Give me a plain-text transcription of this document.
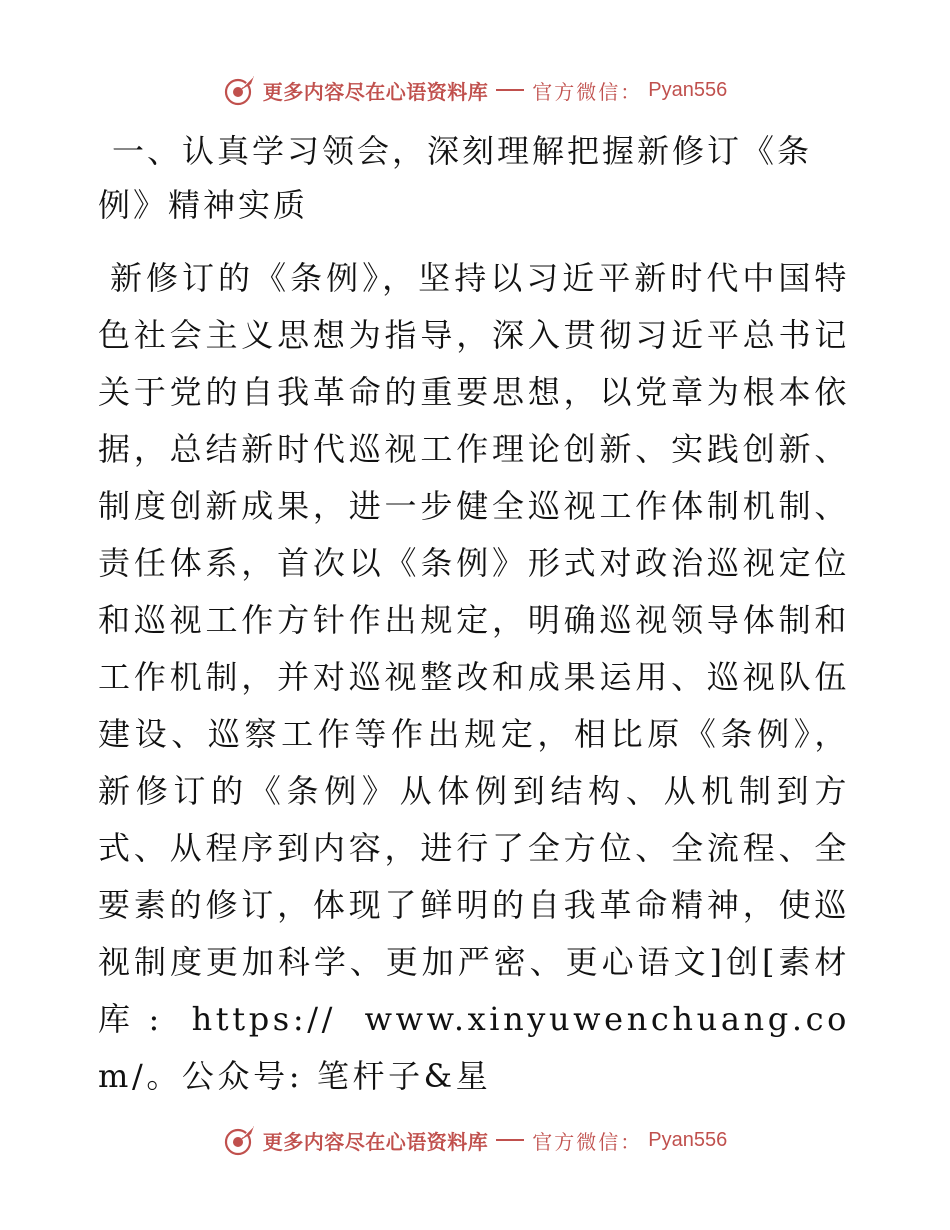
更多内容尽在心语资料库 官方微信： Pyan556
一、认真学习领会，深刻理解把握新修订《条例》精神实质

新修订的《条例》，坚持以习近平新时代中国特色社会主义思想为指导，深入贯彻习近平总书记关于党的自我革命的重要思想，以党章为根本依据，总结新时代巡视工作理论创新、实践创新、制度创新成果，进一步健全巡视工作体制机制、责任体系，首次以《条例》形式对政治巡视定位和巡视工作方针作出规定，明确巡视领导体制和工作机制，并对巡视整改和成果运用、巡视队伍建设、巡察工作等作出规定，相比原《条例》，新修订的《条例》从体例到结构、从机制到方式、从程序到内容，进行了全方位、全流程、全要素的修订，体现了鲜明的自我革命精神，使巡视制度更加科学、更加严密、更心语文]创[素材库: https:// www.xinyuwenchuang.com/。公众号: 笔杆子&星

更多内容尽在心语资料库 官方微信： Pyan556
